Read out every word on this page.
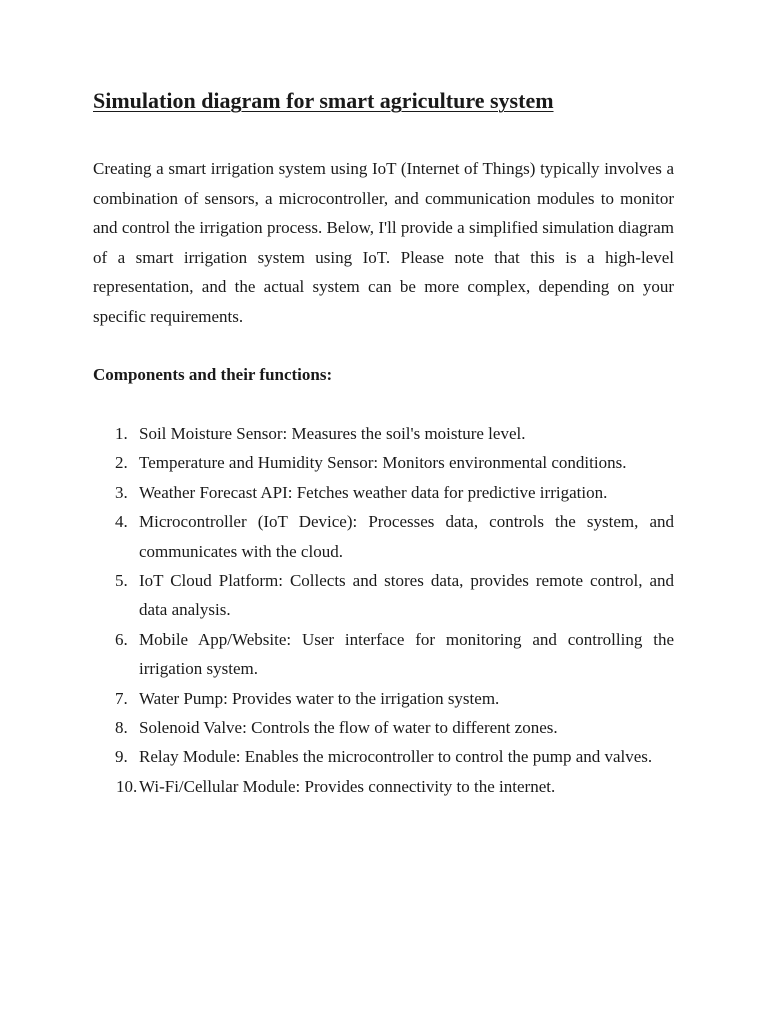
Simulation diagram for smart agriculture system

Creating a smart irrigation system using IoT (Internet of Things) typically involves a combination of sensors, a microcontroller, and communication modules to monitor and control the irrigation process. Below, I'll provide a simplified simulation diagram of a smart irrigation system using IoT. Please note that this is a high-level representation, and the actual system can be more complex, depending on your specific requirements.

Components and their functions:

1. Soil Moisture Sensor: Measures the soil's moisture level.
2. Temperature and Humidity Sensor: Monitors environmental conditions.
3. Weather Forecast API: Fetches weather data for predictive irrigation.
4. Microcontroller (IoT Device): Processes data, controls the system, and communicates with the cloud.
5. IoT Cloud Platform: Collects and stores data, provides remote control, and data analysis.
6. Mobile App/Website: User interface for monitoring and controlling the irrigation system.
7. Water Pump: Provides water to the irrigation system.
8. Solenoid Valve: Controls the flow of water to different zones.
9. Relay Module: Enables the microcontroller to control the pump and valves.
10. Wi-Fi/Cellular Module: Provides connectivity to the internet.
